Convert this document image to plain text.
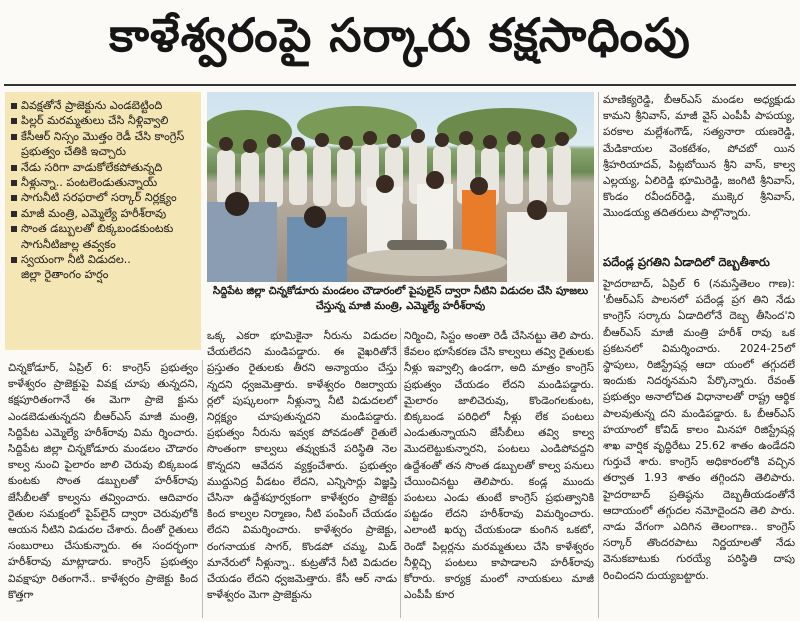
కాళేశ్వరంపై సర్కారు కక్షసాధింపు
వివక్షతోనే ప్రాజెక్టును ఎండబెట్టింది
పిల్లర్ మరమ్మతులు చేసి నీళ్లివ్వాలి
కేసీఆర్ నిస్సం మొత్తం రెడీ చేసి కాంగ్రెస్ ప్రభుత్వం చేతికి ఇచ్చారు
నేడు సరిగా వాడుకోలేకపోతున్నది
నీళ్లున్నా.. పంటలెండుతున్నాయ్
సాగునీటి సరఫరాలో సర్కార్ నిర్లక్ష్యం
మాజీ మంత్రి, ఎమ్మెల్యే హరీశ్‌రావు
సొంత డబ్బులతో బిక్కబండకుంటకు సాగునీటిజాల్ల తవ్వకం
స్వయంగా నీటి విడుదల..
జిల్లా రైతాంగం హర్షం
సిద్దిపేట జిల్లా చిన్నకోడూరు మండలం చౌడారంలో పైపులైన్ ద్వారా నీటిని విడుదల చేసి పూజలు చేస్తున్న మాజీ మంత్రి, ఎమ్మెల్యే హరీశ్‌రావు
చిన్నకోడూర్, ఏప్రిల్ 6: కాంగ్రెస్ ప్రభుత్వం కాళేశ్వరం ప్రాజెక్టుపై వివక్ష చూపు తున్నదని, కక్షపూరితంగానే ఈ మెగా ప్రాజె క్టును ఎండబెడుతున్నదని బీఆర్‌ఎస్ మాజీ మంత్రి, సిద్దిపేట ఎమ్మెల్యే హరీశ్‌రావు విమ ర్శించారు. సిద్దిపేట జిల్లా చిన్నకోడూరు మండలం చౌడారం కాల్వ నుంచి పైలారం జాలి చెరువు బిక్కబండ కుంటకు సొంత డబ్బులతో హరీశ్‌రావు జేసీబీలతో కాల్వను తవ్వించారు. ఆదివారం రైతుల సమక్షంలో పైప్‌లైన్ ద్వారా చెరువులోకి ఆయన నీటిని విడుదల చేశారు. దీంతో రైతులు సంబురాలు చేసుకున్నారు. ఈ సందర్భంగా హరీశ్‌రావు మాట్లాడారు. కాంగ్రెస్ ప్రభుత్వం వివక్షాపూ రితంగానే.. కాళేశ్వరం ప్రాజెక్టు కింద కొత్తగా
ఒక్క ఎకరా భూమికైనా నీరును విడుదల చేయలేదని మండిపడ్డారు. ఈ వైఖరితోనే ప్రస్తుతం రైతులకు తీరని అన్యాయం చేస్తు న్నదని ధ్వజమెత్తారు. కాళేశ్వరం రిజర్వాయ ర్లలో పుష్కలంగా నీళ్లున్నా నీటి విడుదలలో నిర్లక్ష్యం చూపుతున్నదని మండిపడ్డారు. ప్రభుత్వం నీరును ఇవ్వక పోవడంతో రైతులే సొంతంగా కాల్వలు తవ్వుకునే పరిస్థితి నెల కొన్నదని ఆవేదన వ్యక్తంచేశారు. ప్రభుత్వం ముద్దునిద్ర వీడటం లేదని, ఎన్నిసార్లు విజ్ఞప్తి చేసినా ఉద్దేశపూర్వకంగా కాళేశ్వరం ప్రాజెక్టు కింద కాల్వల నిర్మాణం, నీటి పంపింగ్ చేయడం లేదని విమర్శించారు. కాళేశ్వరం ప్రాజెక్టు, రంగనాయక సాగర్, కొండపో చమ్మ, మిడ్ మానేరులో నీళ్లున్నా.. కుట్రతోనే నీటి విడుదల చేయడం లేదని ధ్వజమెత్తారు. కేసీ ఆర్ నాడు కాళేశ్వరం మెగా ప్రాజెక్టును
నిర్మించి, సిస్టం అంతా రెడీ చేసినట్టు తెలి పారు. కేవలం భూసేకరణ చేసి కాల్వలు తవ్వి రైతులకు నీళ్లు ఇవ్వాల్సి ఉండగా, అది మాత్రం కాంగ్రెస్ ప్రభుత్వం చేయడం లేదని మండిపడ్డారు. మైలారం జాలిచెరువు, కొండెంగలకుంట, బిక్కబండ పరిధిలో నీళ్లు లేక పంటలు ఎండుతున్నాయని జేసీబీలు తవ్వి కాల్వ మొదలెట్టుకున్నారని, పంటలు ఎండిపోవద్దని ఉద్దేశంతో తన సొంత డబ్బులతో కాల్వ పనులు చేయించినట్టు తెలిపారు. కండ్ల ముందు పంటలు ఎండు తుంటే కాంగ్రెస్ ప్రభుత్వానికి పట్టడం లేదని హరీశ్‌రావు విమర్శించారు. ఎలాంటి ఖర్చు చేయకుండా కుంగిన ఒకటో, రెండో పిల్లర్లను మరమ్మతులు చేసి కాళేశ్వరం నీళ్లిచ్చి పంటలు కాపాడాలని హరీశ్‌రావు కోరారు. కార్యక్ర మంలో నాయకులు మాజీ ఎంపీపీ కూర
మాణిక్యరెడ్డి, బీఆర్‌ఎస్ మండల అధ్యక్షుడు కామని శ్రీనివాస్, మాజీ వైస్ ఎంపీపీ పాపయ్య, పరకాల మల్లేశంగౌడ్, సత్యనారా యణరెడ్డి, మేడికాయల వెంకటేశం, పోచబో యిన శ్రీహరియాదవ్, పిట్లబోయిన శ్రీని వాస్, కాల్వ ఎల్లయ్య, ఏలిరెడ్డి భూమిరెడ్డి, జంగిటి శ్రీనివాస్, కొండం రవీందర్‌రెడ్డి, ముక్కెర శ్రీనివాస్, మొండయ్య తదితరులు పాల్గొన్నారు.
పదేండ్ల ప్రగతిని ఏడాదిలో దెబ్బతీశారు
హైదరాబాద్, ఏప్రిల్ 6 (నమస్తేతెలం గాణ): 'బీఆర్‌ఎస్ పాలనలో పదేండ్ల ప్రగ తిని నేడు కాంగ్రెస్ సర్కారు ఏడాదిలోనే దెబ్బ తీసింద'ని బీఆర్‌ఎస్ మాజీ మంత్రి హరీశ్ రావు ఒక ప్రకటనలో విమర్శించారు. 2024-25లో స్థాపులు, రిజిస్ట్రేషన్ల ఆదా యంలో తగ్గుదలే ఇందుకు నిదర్శనమని పేర్కొన్నారు. రేవంత్ ప్రభుత్వం అనాలోచిత విధానాలతో రాష్ట్ర ఆర్థిక పాలవుతున్న దని మండిపడ్డారు. ఓ బీఆర్‌ఎస్ హయాంలో కోవిడ్ కాలం మినహా రిజిస్ట్రేషన్ల శాఖ వార్షిక వృద్ధిరేటు 25.62 శాతం ఉండేదని గుర్తుచే శారు. కాంగ్రెస్ అధికారంలోకి వచ్చిన తర్వాత 1.93 శాతం తగ్గిందని తెలిపారు. హైదరాబాద్ ప్రతిష్ఠను దెబ్బతీయడంతోనే ఆదాయంలో తగ్గుదల నమోదైందని తెలి పారు. నాడు వేగంగా ఎదిగిన తెలంగాణ.. కాంగ్రెస్ సర్కార్ తొందరపాటు నిర్ణయాలతో నేడు వెనుకబాటుకు గురయ్యే పరిస్థితి దాపు రించిందని దుయ్యబట్టారు.
